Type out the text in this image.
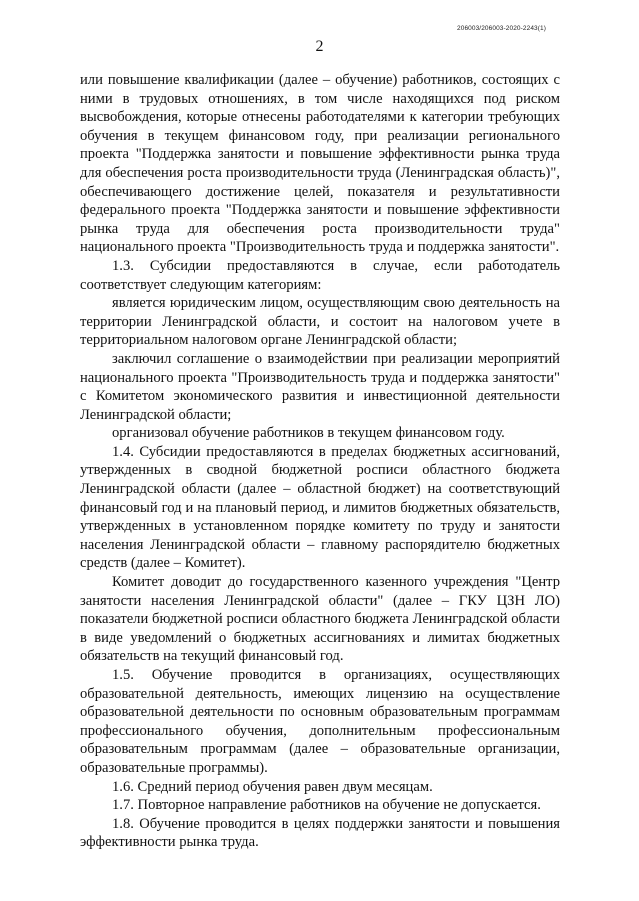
206003/206003-2020-2243(1)
2

или повышение квалификации (далее – обучение) работников, состоящих с ними в трудовых отношениях, в том числе находящихся под риском высвобождения, которые отнесены работодателями к категории требующих обучения в текущем финансовом году, при реализации регионального проекта "Поддержка занятости и повышение эффективности рынка труда для обеспечения роста производительности труда (Ленинградская область)", обеспечивающего достижение целей, показателя и результативности федерального проекта "Поддержка занятости и повышение эффективности рынка труда для обеспечения роста производительности труда" национального проекта "Производительность труда и поддержка занятости".

1.3. Субсидии предоставляются в случае, если работодатель соответствует следующим категориям:

является юридическим лицом, осуществляющим свою деятельность на территории Ленинградской области, и состоит на налоговом учете в территориальном налоговом органе Ленинградской области;

заключил соглашение о взаимодействии при реализации мероприятий национального проекта "Производительность труда и поддержка занятости" с Комитетом экономического развития и инвестиционной деятельности Ленинградской области;

организовал обучение работников в текущем финансовом году.

1.4. Субсидии предоставляются в пределах бюджетных ассигнований, утвержденных в сводной бюджетной росписи областного бюджета Ленинградской области (далее – областной бюджет) на соответствующий финансовый год и на плановый период, и лимитов бюджетных обязательств, утвержденных в установленном порядке комитету по труду и занятости населения Ленинградской области – главному распорядителю бюджетных средств (далее – Комитет).

Комитет доводит до государственного казенного учреждения "Центр занятости населения Ленинградской области" (далее – ГКУ ЦЗН ЛО) показатели бюджетной росписи областного бюджета Ленинградской области в виде уведомлений о бюджетных ассигнованиях и лимитах бюджетных обязательств на текущий финансовый год.

1.5. Обучение проводится в организациях, осуществляющих образовательной деятельность, имеющих лицензию на осуществление образовательной деятельности по основным образовательным программам профессионального обучения, дополнительным профессиональным образовательным программам (далее – образовательные организации, образовательные программы).

1.6. Средний период обучения равен двум месяцам.

1.7. Повторное направление работников на обучение не допускается.

1.8. Обучение проводится в целях поддержки занятости и повышения эффективности рынка труда.
